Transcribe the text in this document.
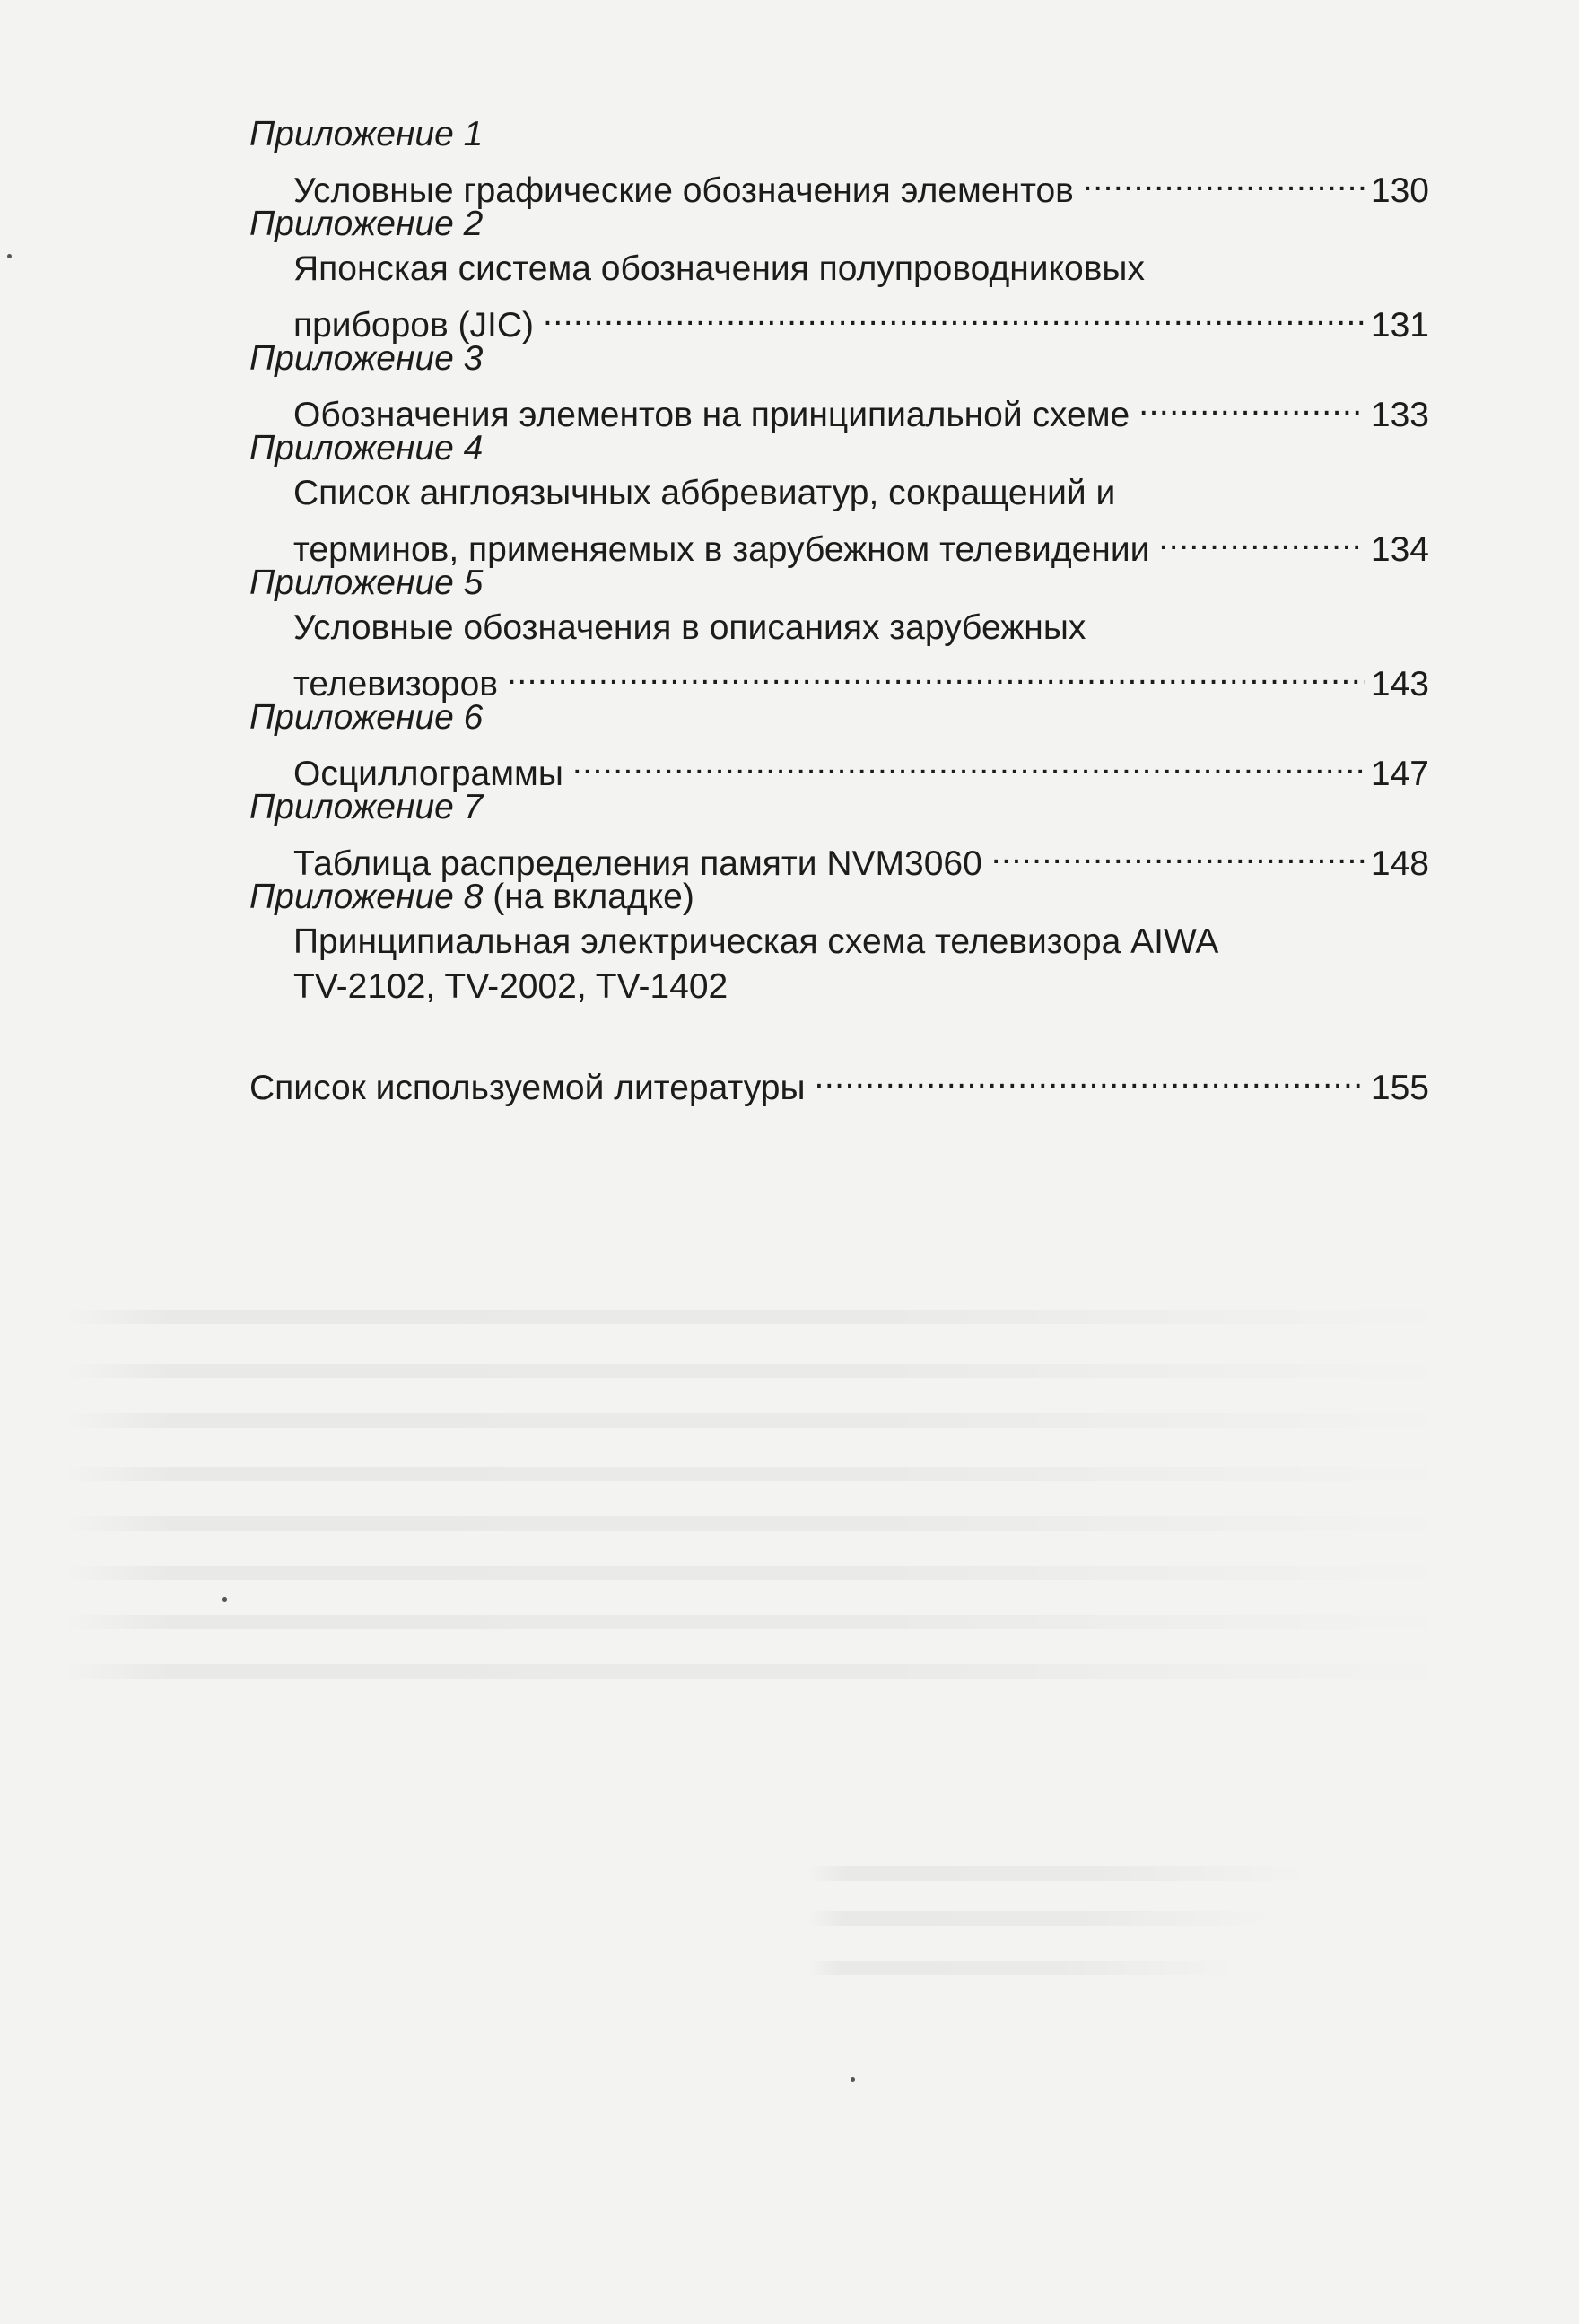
Приложение 1
Условные графические обозначения элементов .....	130
Приложение 2
Японская система обозначения полупроводниковых
приборов (JIC) .....	131
Приложение 3
Обозначения элементов на принципиальной схеме .....	133
Приложение 4
Список англоязычных аббревиатур, сокращений и
терминов, применяемых в зарубежном телевидении .....	134
Приложение 5
Условные обозначения в описаниях зарубежных
телевизоров .....	143
Приложение 6
Осциллограммы .....	147
Приложение 7
Таблица распределения памяти NVM3060 .....	148
Приложение 8 (на вкладке)
Принципиальная электрическая схема телевизора AIWA
TV-2102, TV-2002, TV-1402
Список используемой литературы .....	155
